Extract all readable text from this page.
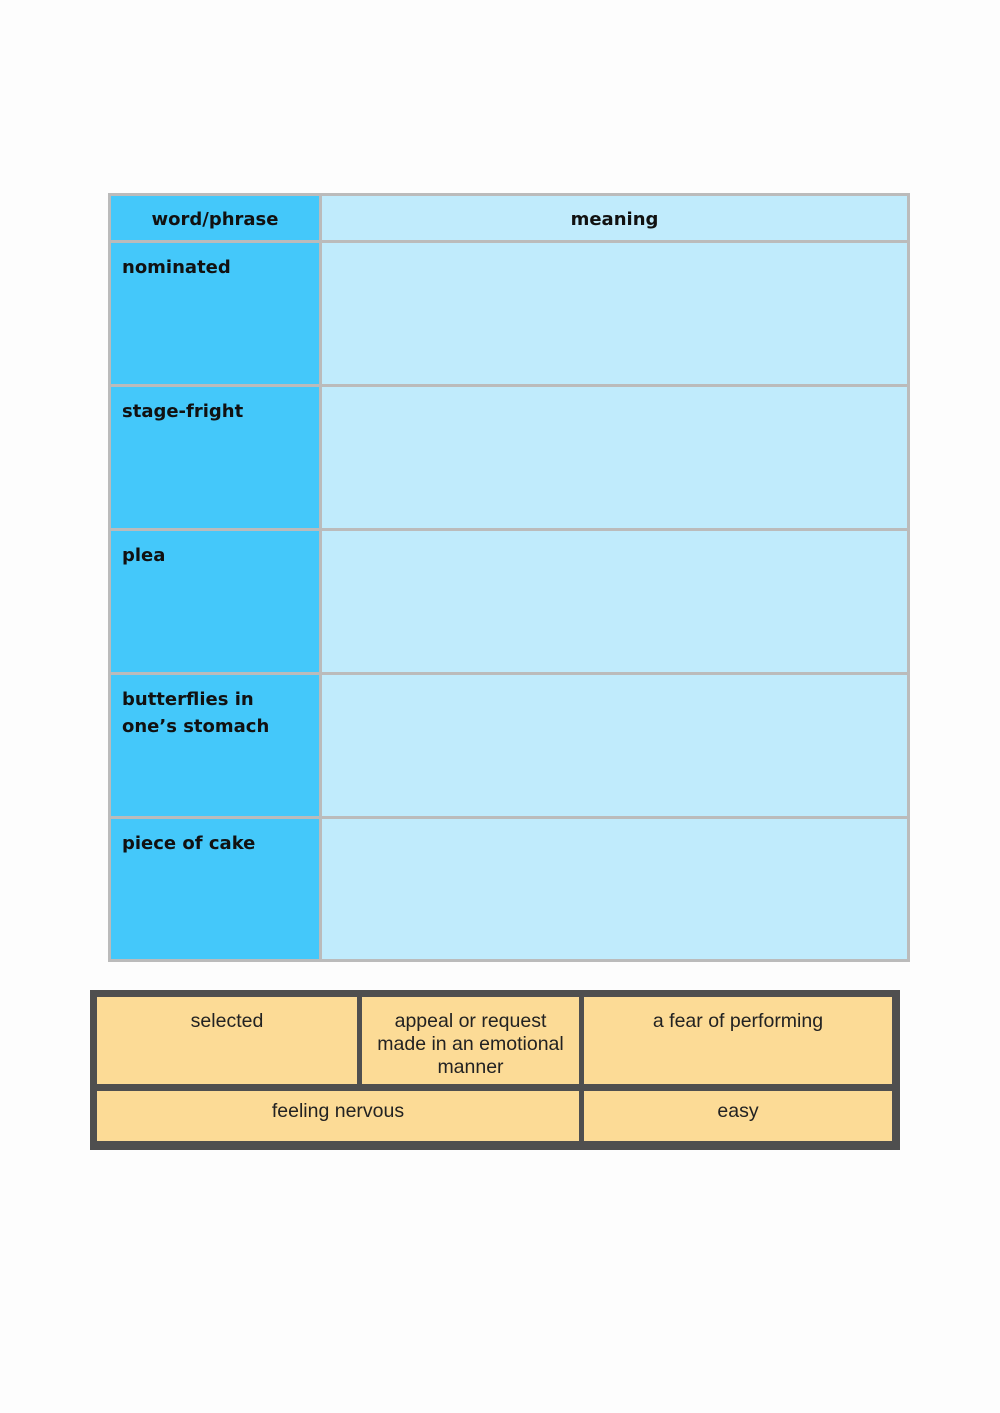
word/phrase	meaning
nominated
stage-fright
plea
butterflies in one’s stomach
piece of cake
selected	appeal or request made in an emotional manner
a fear of performing
feeling nervous	easy
